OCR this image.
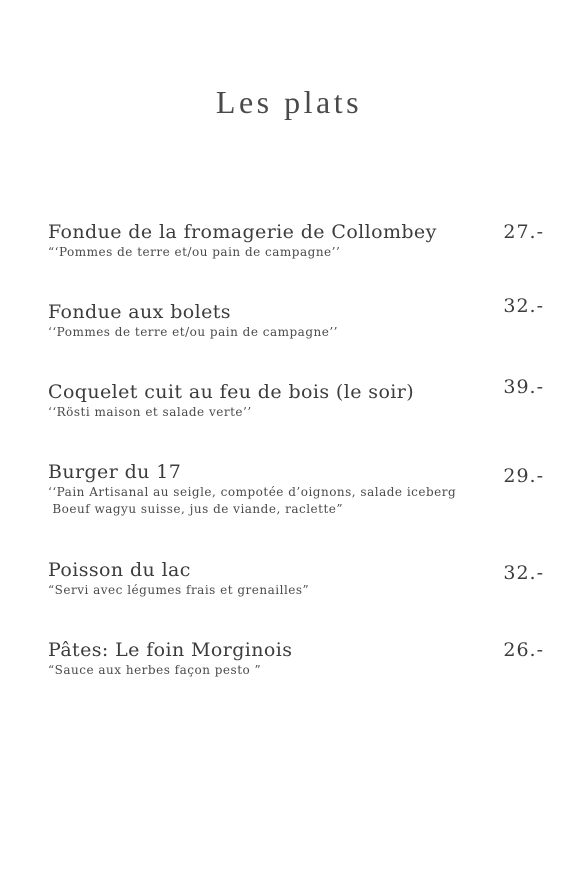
Les plats
Fondue de la fromagerie de Collombey
“‘Pommes de terre et/ou pain de campagne’’
27.-
Fondue aux bolets
‘‘Pommes de terre et/ou pain de campagne’’
32.-
Coquelet cuit au feu de bois (le soir)
‘‘Rösti maison et salade verte’’
39.-
Burger du 17
‘‘Pain Artisanal au seigle, compotée d’oignons, salade iceberg
Boeuf wagyu suisse, jus de viande, raclette”
29.-
Poisson du lac
“Servi avec légumes frais et grenailles”
32.-
Pâtes: Le foin Morginois
“Sauce aux herbes façon pesto ”
26.-
